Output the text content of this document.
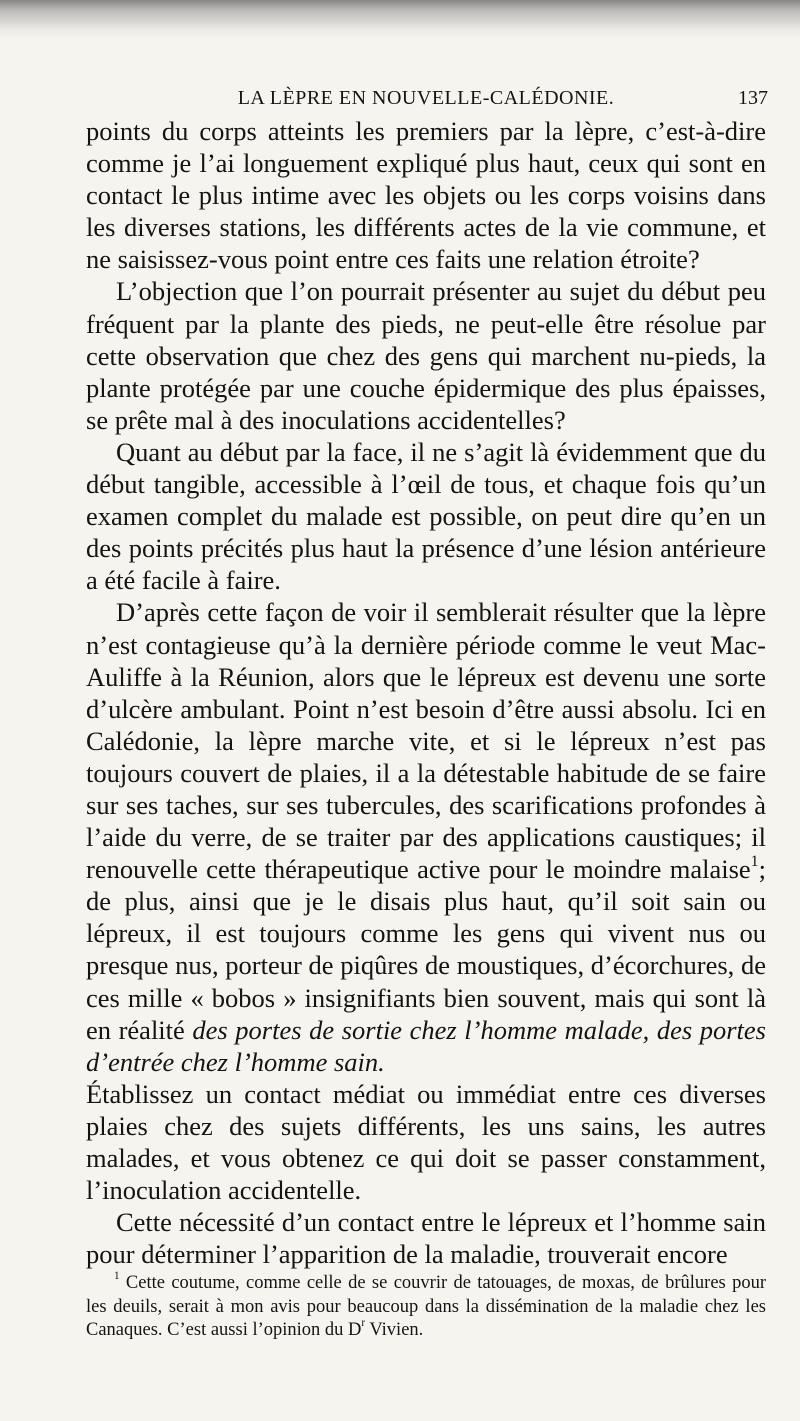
LA LÈPRE EN NOUVELLE-CALÉDONIE.	137

points du corps atteints les premiers par la lèpre, c’est-à-dire comme je l’ai longuement expliqué plus haut, ceux qui sont en contact le plus intime avec les objets ou les corps voisins dans les diverses stations, les différents actes de la vie commune, et ne saisissez-vous point entre ces faits une relation étroite?

L’objection que l’on pourrait présenter au sujet du début peu fréquent par la plante des pieds, ne peut-elle être résolue par cette observation que chez des gens qui marchent nu-pieds, la plante protégée par une couche épidermique des plus épaisses, se prête mal à des inoculations accidentelles?

Quant au début par la face, il ne s’agit là évidemment que du début tangible, accessible à l’œil de tous, et chaque fois qu’un examen complet du malade est possible, on peut dire qu’en un des points précités plus haut la présence d’une lésion antérieure a été facile à faire.

D’après cette façon de voir il semblerait résulter que la lèpre n’est contagieuse qu’à la dernière période comme le veut Mac-Auliffe à la Réunion, alors que le lépreux est devenu une sorte d’ulcère ambulant. Point n’est besoin d’être aussi absolu. Ici en Calédonie, la lèpre marche vite, et si le lépreux n’est pas toujours couvert de plaies, il a la détestable habitude de se faire sur ses taches, sur ses tubercules, des scarifications profondes à l’aide du verre, de se traiter par des applications caustiques; il renouvelle cette thérapeutique active pour le moindre malaise$^1$; de plus, ainsi que je le disais plus haut, qu’il soit sain ou lépreux, il est toujours comme les gens qui vivent nus ou presque nus, porteur de piqûres de moustiques, d’écorchures, de ces mille « bobos » insignifiants bien souvent, mais qui sont là en réalité des portes de sortie chez l’homme malade, des portes d’entrée chez l’homme sain.

Établissez un contact médiat ou immédiat entre ces diverses plaies chez des sujets différents, les uns sains, les autres malades, et vous obtenez ce qui doit se passer constamment, l’inoculation accidentelle.

Cette nécessité d’un contact entre le lépreux et l’homme sain pour déterminer l’apparition de la maladie, trouverait encore

$^1$ Cette coutume, comme celle de se couvrir de tatouages, de moxas, de brûlures pour les deuils, serait à mon avis pour beaucoup dans la dissémination de la maladie chez les Canaques. C’est aussi l’opinion du $D^r$ Vivien.
